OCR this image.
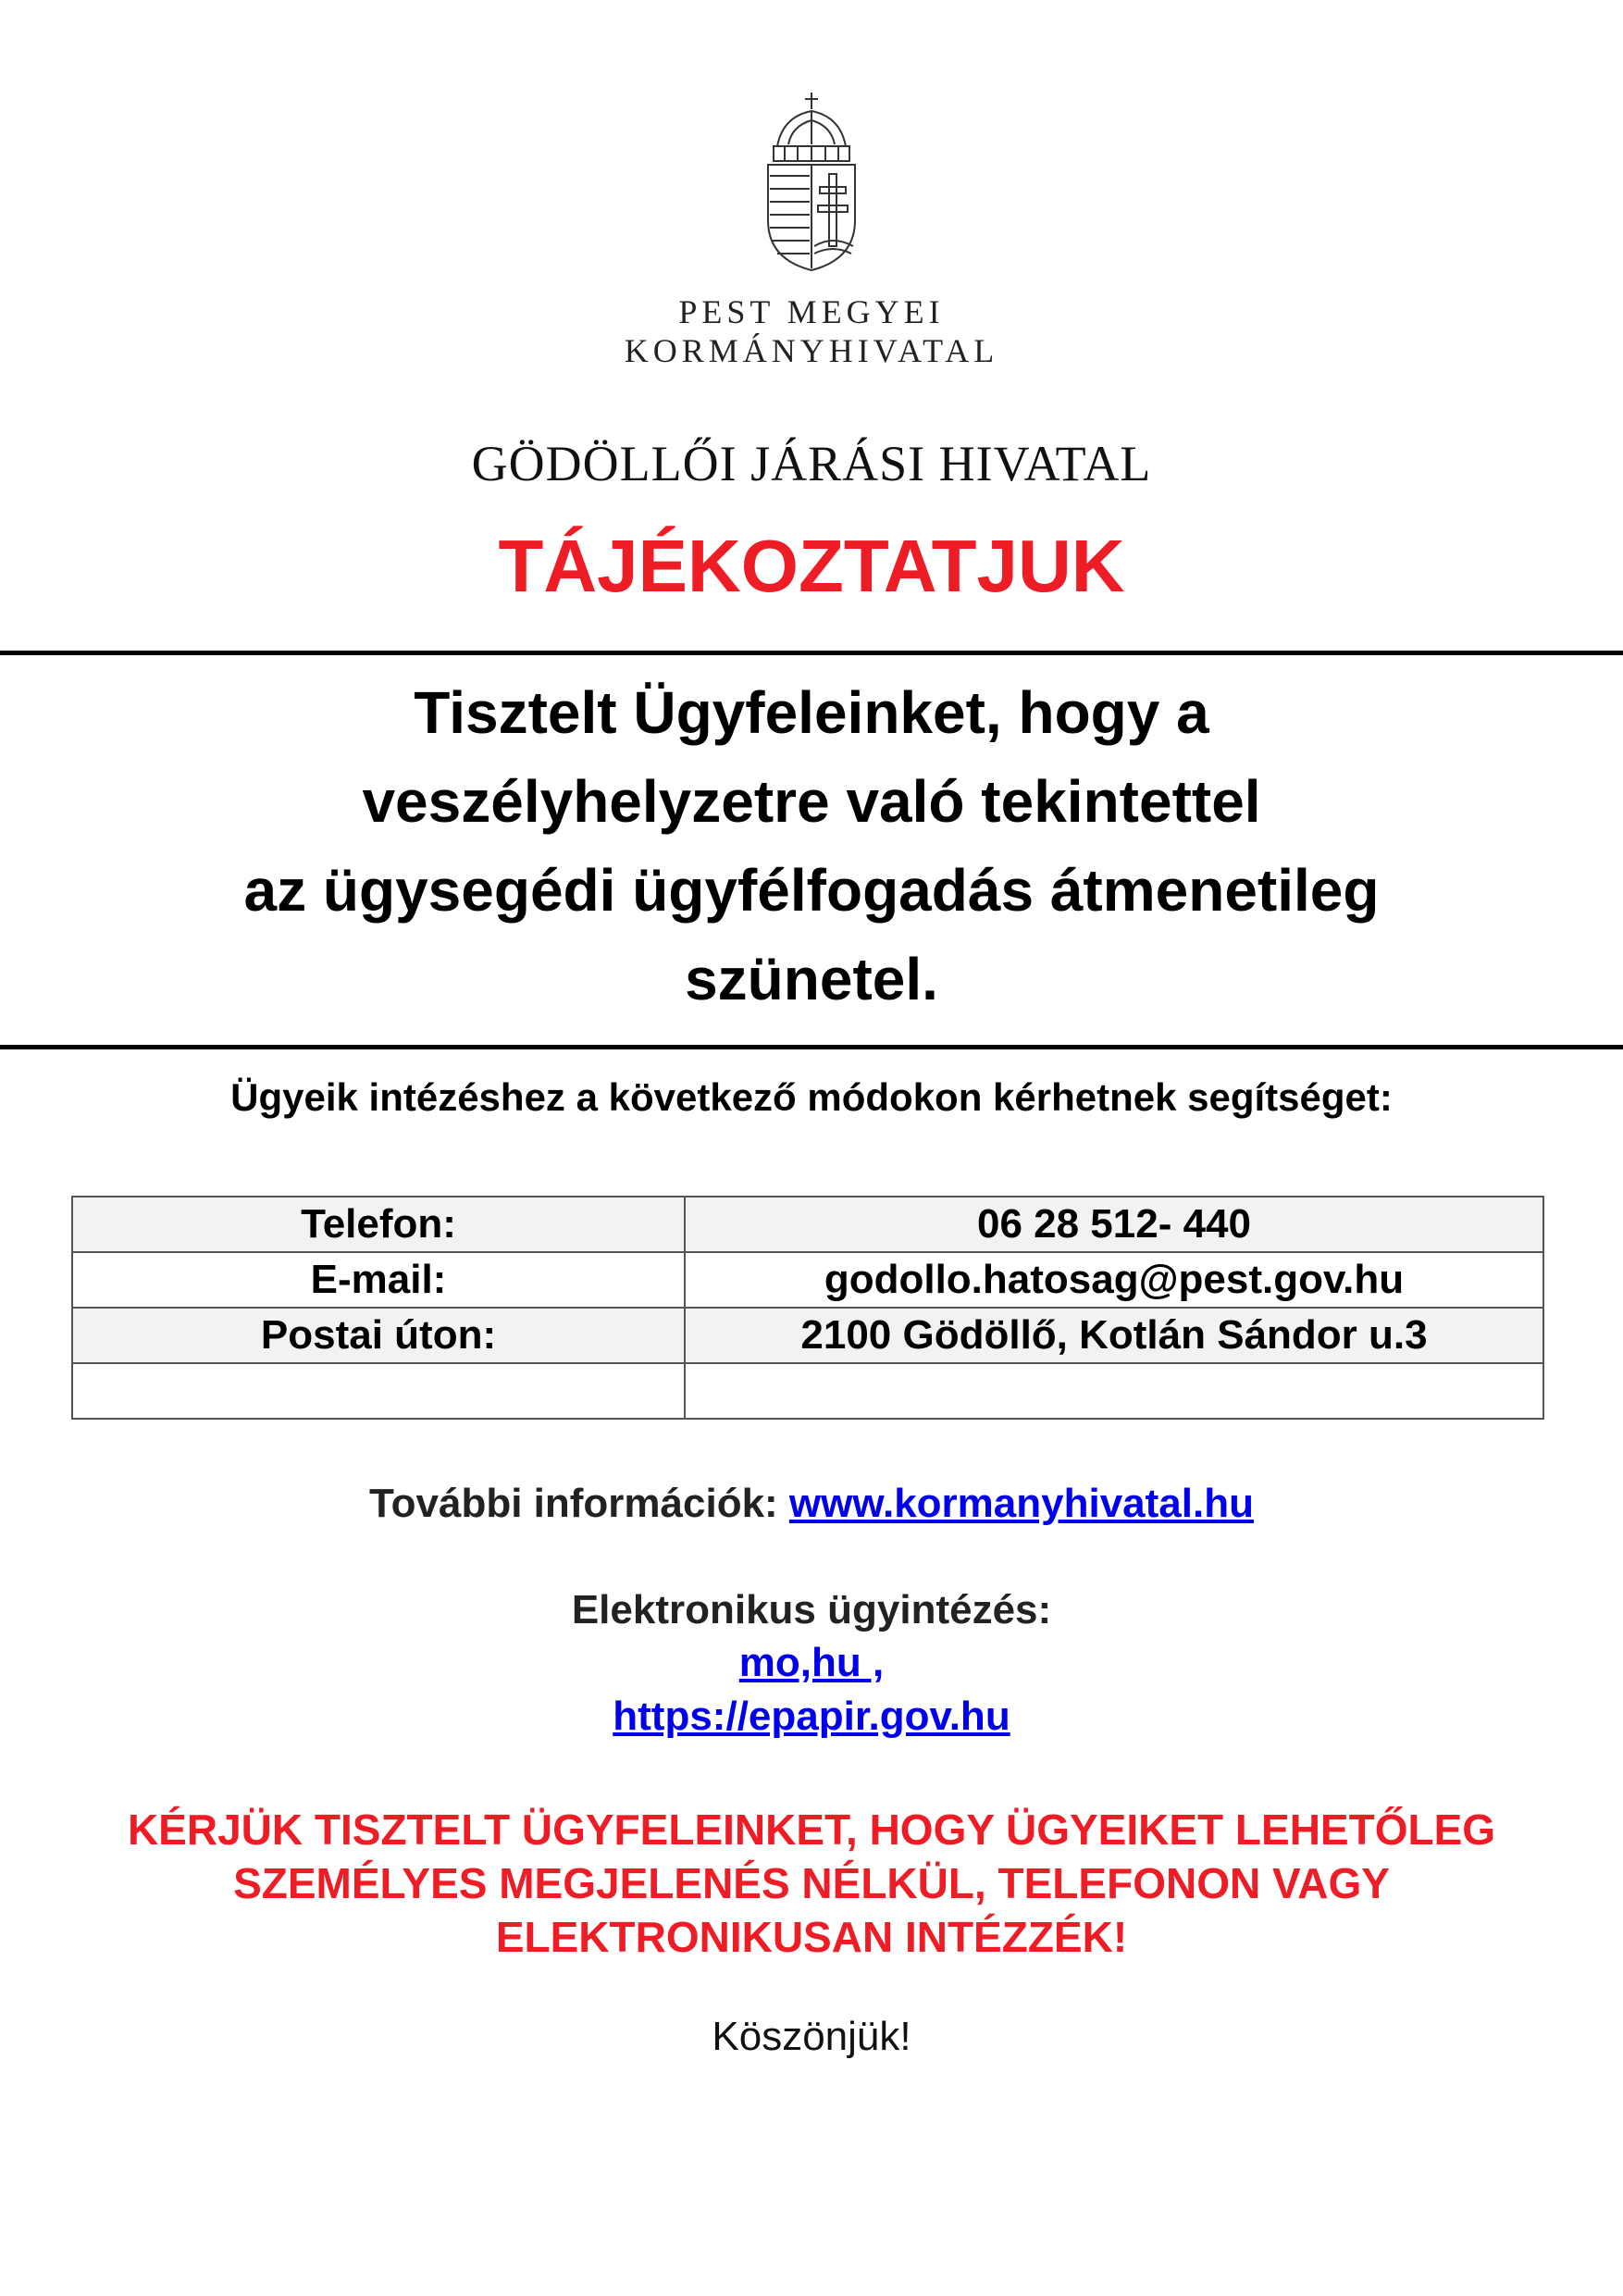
PEST MEGYEI
KORMÁNYHIVATAL
GÖDÖLLŐI JÁRÁSI HIVATAL
TÁJÉKOZTATJUK
Tisztelt Ügyfeleinket, hogy a
veszélyhelyzetre való tekintettel
az ügysegédi ügyfélfogadás átmenetileg
szünetel.
Ügyeik intézéshez a következő módokon kérhetnek segítséget:
Telefon:	06 28 512- 440
E-mail:	godollo.hatosag@pest.gov.hu
Postai úton:	2100 Gödöllő, Kotlán Sándor u.3

További információk: www.kormanyhivatal.hu
Elektronikus ügyintézés:
mo,hu ,
https://epapir.gov.hu
KÉRJÜK TISZTELT ÜGYFELEINKET, HOGY ÜGYEIKET LEHETŐLEG
SZEMÉLYES MEGJELENÉS NÉLKÜL, TELEFONON VAGY
ELEKTRONIKUSAN INTÉZZÉK!
Köszönjük!
